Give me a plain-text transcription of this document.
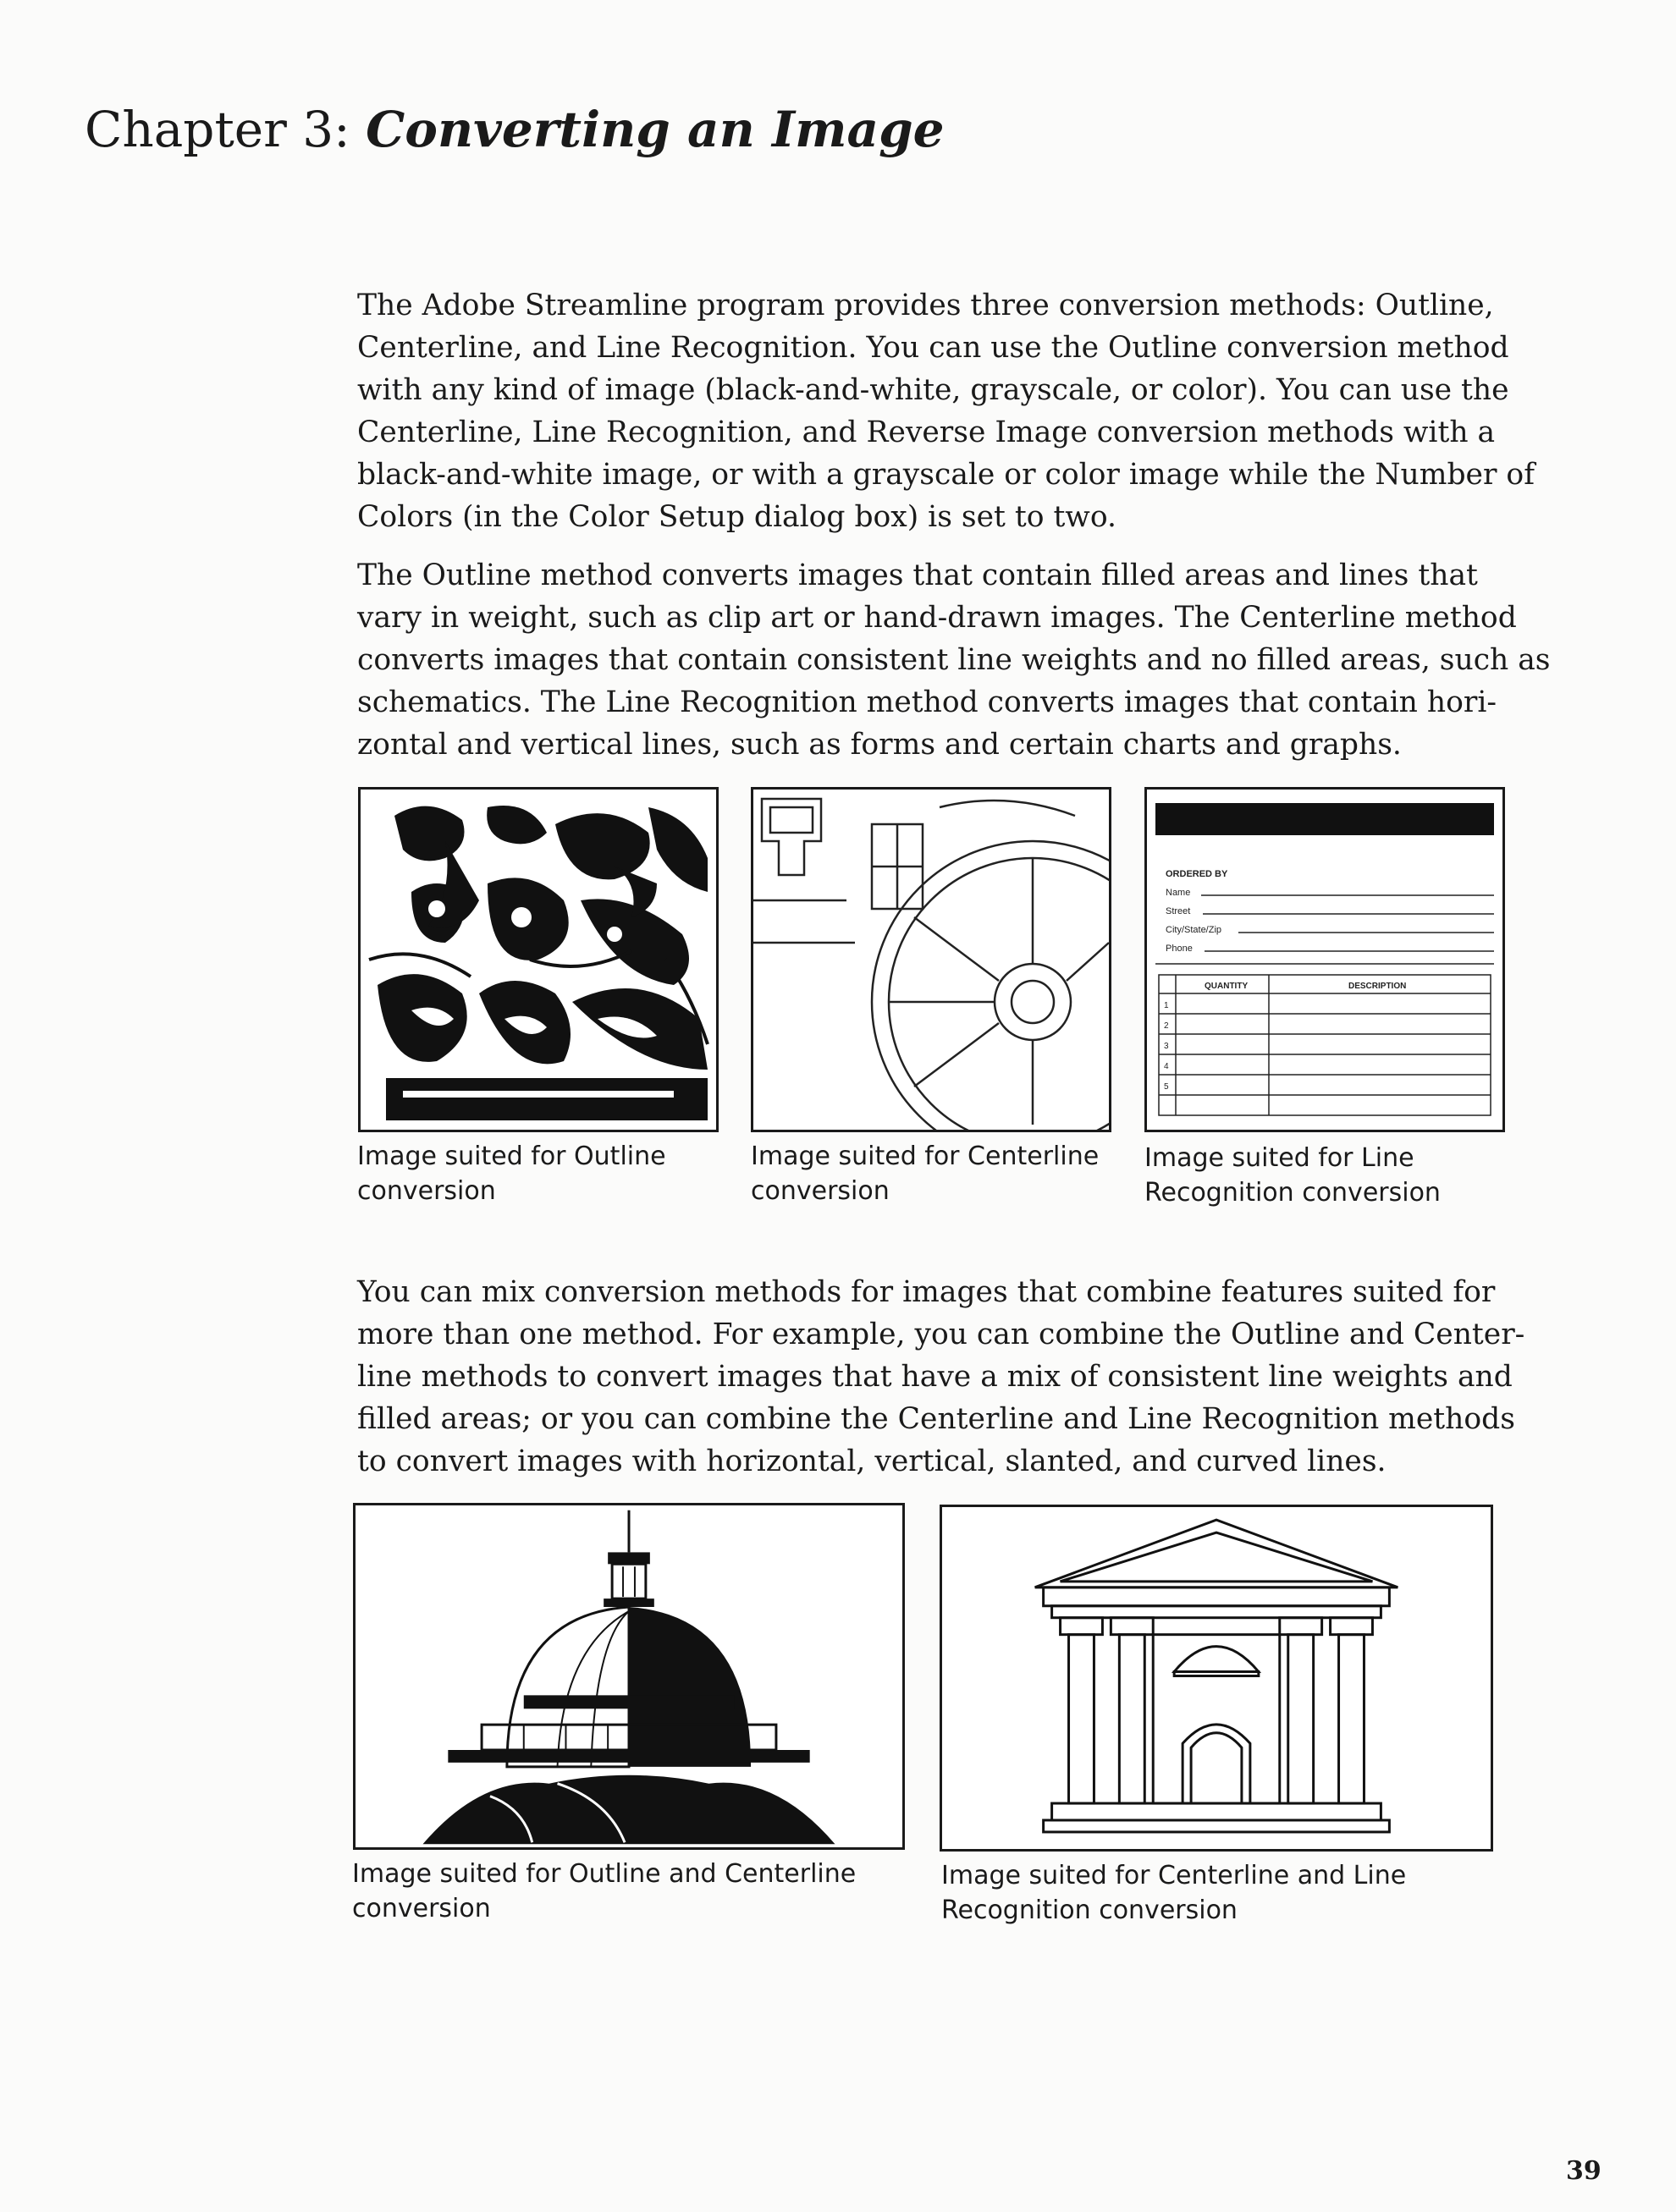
Chapter 3: Converting an Image

The Adobe Streamline program provides three conversion methods: Outline, Centerline, and Line Recognition. You can use the Outline conversion method with any kind of image (black-and-white, grayscale, or color). You can use the Centerline, Line Recognition, and Reverse Image conversion methods with a black-and-white image, or with a grayscale or color image while the Number of Colors (in the Color Setup dialog box) is set to two.

The Outline method converts images that contain filled areas and lines that vary in weight, such as clip art or hand-drawn images. The Centerline method converts images that contain consistent line weights and no filled areas, such as schematics. The Line Recognition method converts images that contain hori-zontal and vertical lines, such as forms and certain charts and graphs.

Image suited for Outline conversion

Image suited for Centerline conversion

ORDERED BY
Name
Street
City/State/Zip
Phone
QUANTITY	DESCRIPTION
1
2
3
4
5

Image suited for Line Recognition conversion

You can mix conversion methods for images that combine features suited for more than one method. For example, you can combine the Outline and Center-line methods to convert images that have a mix of consistent line weights and filled areas; or you can combine the Centerline and Line Recognition methods to convert images with horizontal, vertical, slanted, and curved lines.

Image suited for Outline and Centerline conversion

Image suited for Centerline and Line Recognition conversion

39
